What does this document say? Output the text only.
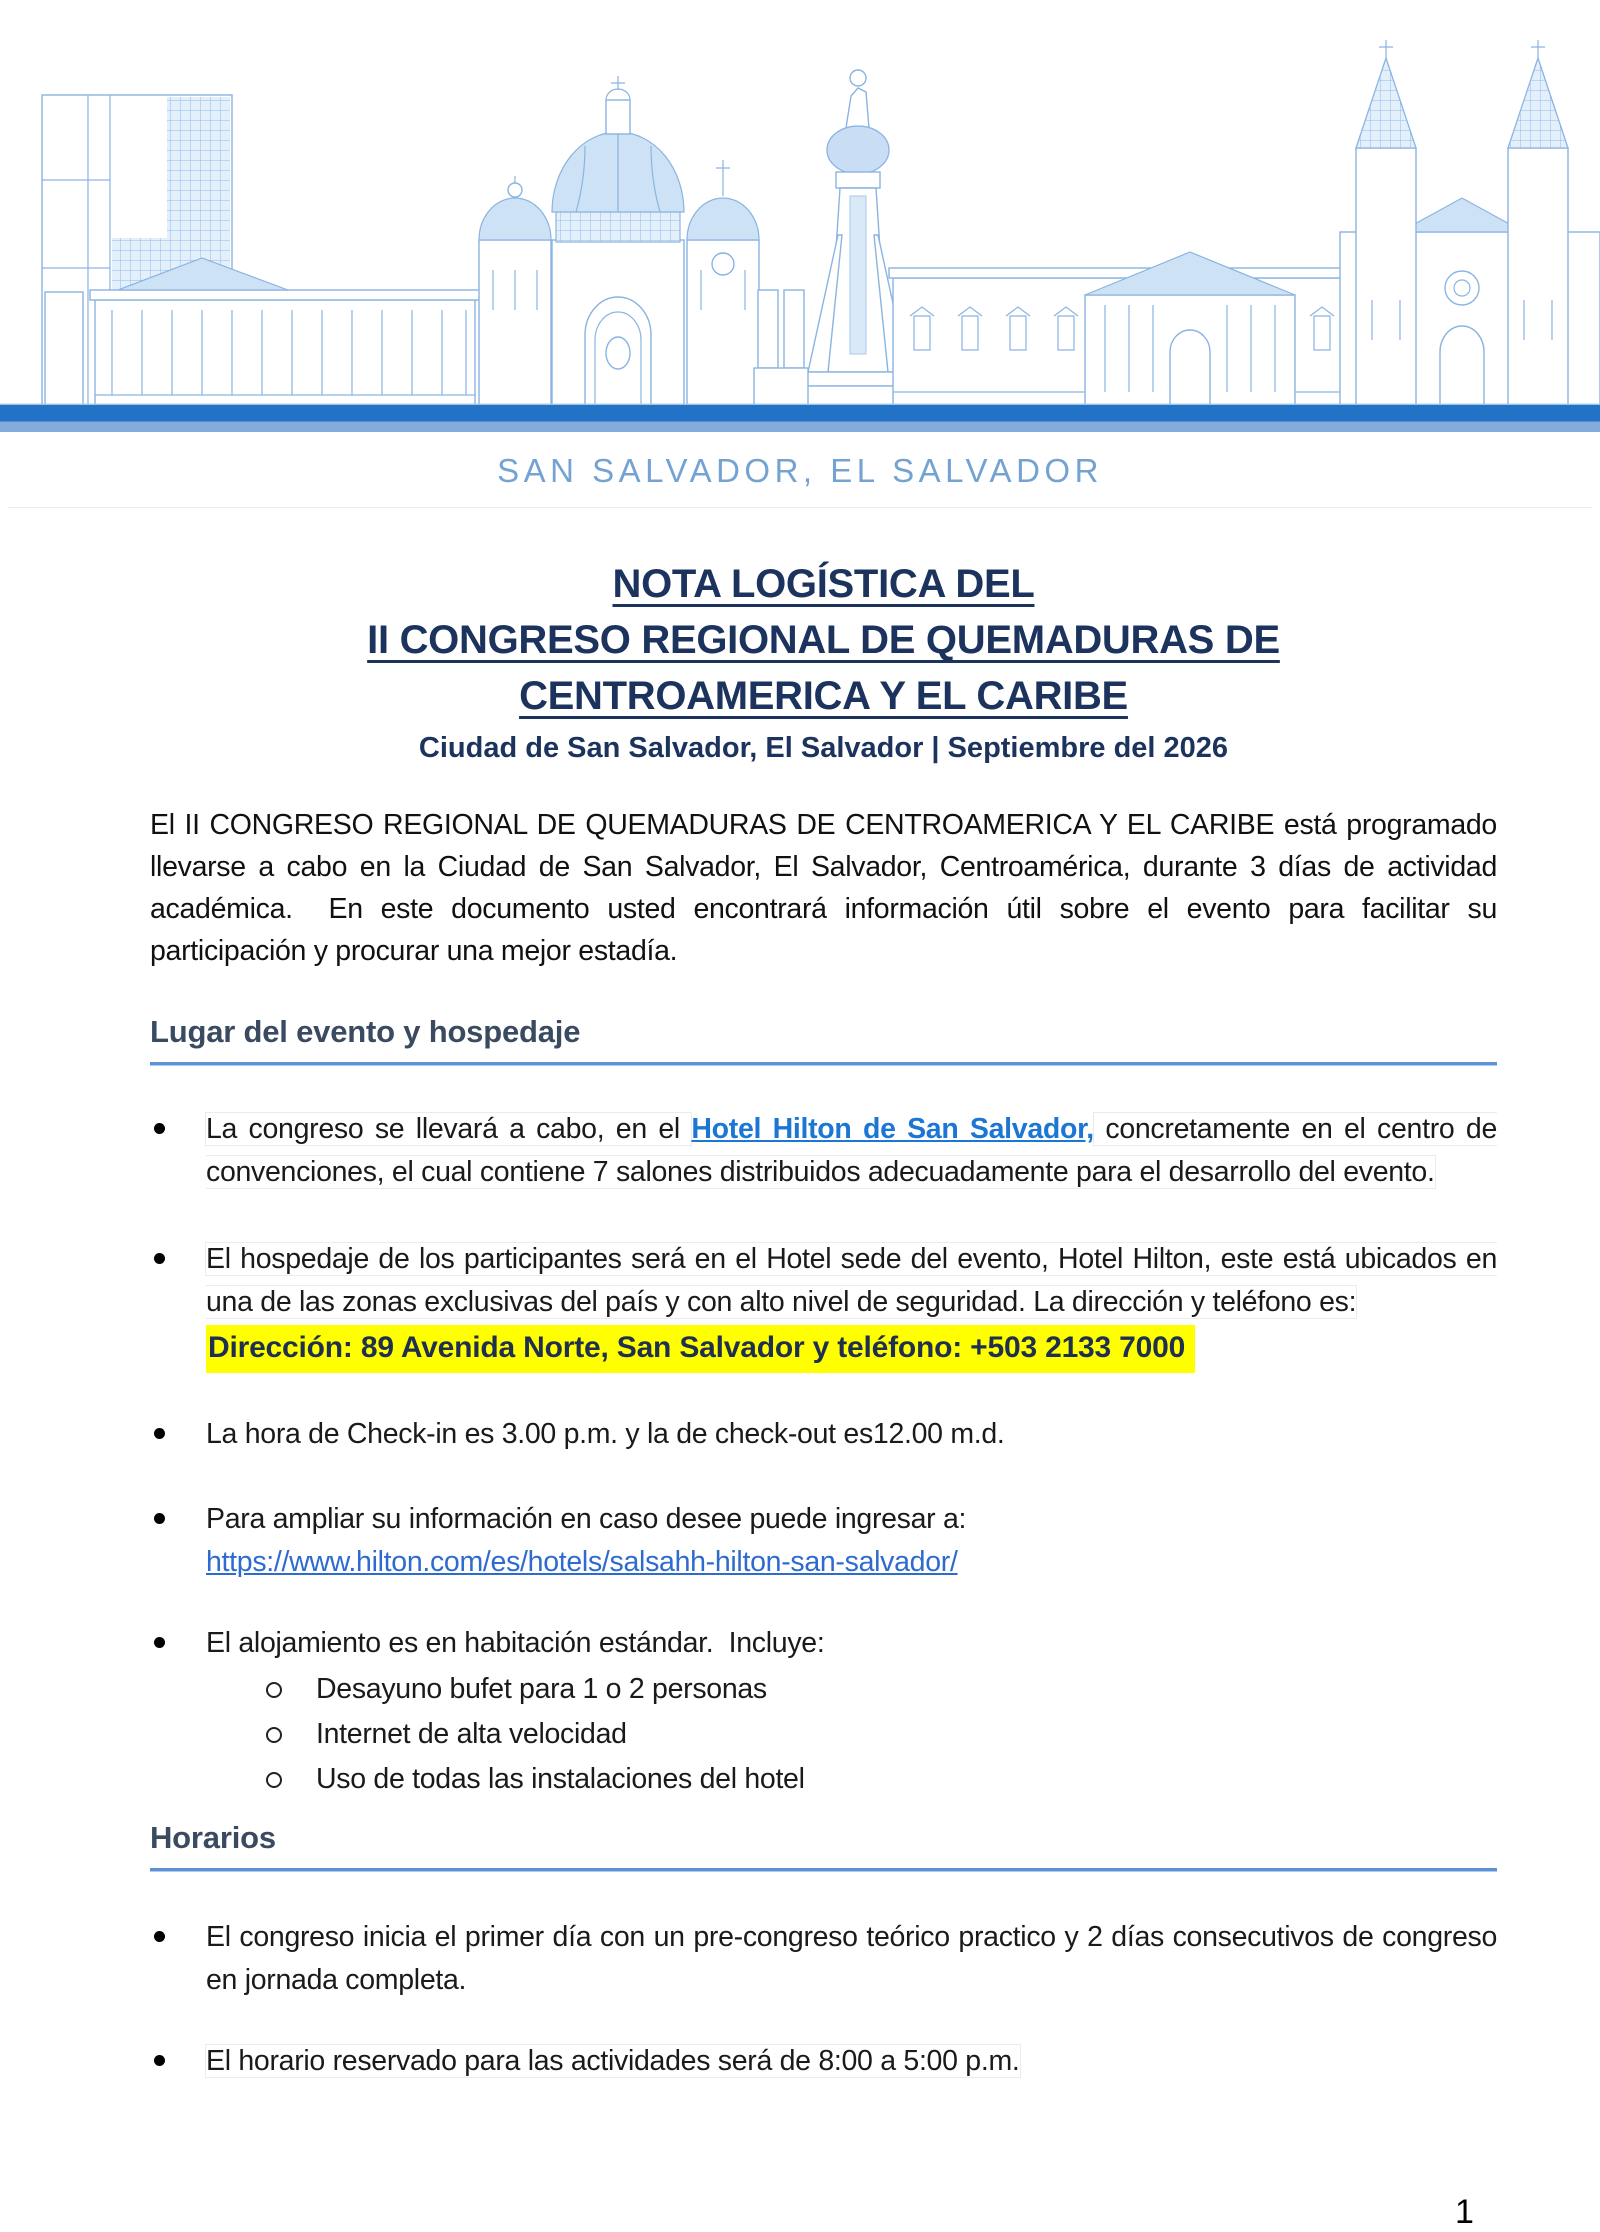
SAN SALVADOR, EL SALVADOR
NOTA LOGÍSTICA DEL
II CONGRESO REGIONAL DE QUEMADURAS DE
CENTROAMERICA Y EL CARIBE
Ciudad de San Salvador, El Salvador | Septiembre del 2026

El II CONGRESO REGIONAL DE QUEMADURAS DE CENTROAMERICA Y EL CARIBE está programado llevarse a cabo en la Ciudad de San Salvador, El Salvador, Centroamérica, durante 3 días de actividad académica.  En este documento usted encontrará información útil sobre el evento para facilitar su participación y procurar una mejor estadía.

Lugar del evento y hospedaje
La congreso se llevará a cabo, en el Hotel Hilton de San Salvador, concretamente en el centro de convenciones, el cual contiene 7 salones distribuidos adecuadamente para el desarrollo del evento.
El hospedaje de los participantes será en el Hotel sede del evento, Hotel Hilton, este está ubicados en una de las zonas exclusivas del país y con alto nivel de seguridad. La dirección y teléfono es:
Dirección: 89 Avenida Norte, San Salvador y teléfono: +503 2133 7000
La hora de Check-in es 3.00 p.m. y la de check-out es12.00 m.d.
Para ampliar su información en caso desee puede ingresar a:
https://www.hilton.com/es/hotels/salsahh-hilton-san-salvador/
El alojamiento es en habitación estándar.  Incluye:
Desayuno bufet para 1 o 2 personas
Internet de alta velocidad
Uso de todas las instalaciones del hotel
Horarios
El congreso inicia el primer día con un pre-congreso teórico practico y 2 días consecutivos de congreso en jornada completa.
El horario reservado para las actividades será de 8:00 a 5:00 p.m.
1
